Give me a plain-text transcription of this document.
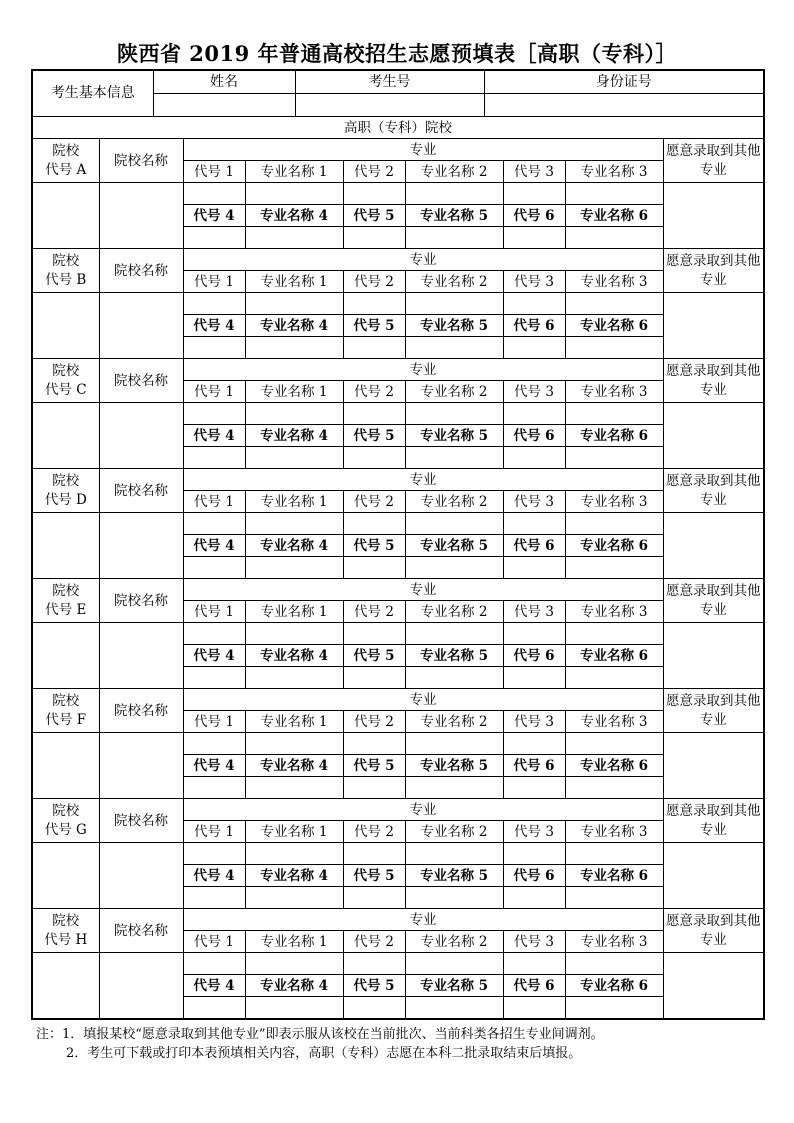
陕西省 2019 年普通高校招生志愿预填表［高职（专科）］
考生基本信息	姓名	考生号	身份证号

高职（专科）院校								
院校
代号 A	院校名称	专业						愿意录取到其他专业
		代号 1	专业名称 1	代号 2	专业名称 2	代号 3	专业名称 3	

		代号 4	专业名称 4	代号 5	专业名称 5	代号 6	专业名称 6	

院校
代号 B	院校名称	专业						愿意录取到其他专业
		代号 1	专业名称 1	代号 2	专业名称 2	代号 3	专业名称 3	

		代号 4	专业名称 4	代号 5	专业名称 5	代号 6	专业名称 6	

院校
代号 C	院校名称	专业						愿意录取到其他专业
		代号 1	专业名称 1	代号 2	专业名称 2	代号 3	专业名称 3	

		代号 4	专业名称 4	代号 5	专业名称 5	代号 6	专业名称 6	

院校
代号 D	院校名称	专业						愿意录取到其他专业
		代号 1	专业名称 1	代号 2	专业名称 2	代号 3	专业名称 3	

		代号 4	专业名称 4	代号 5	专业名称 5	代号 6	专业名称 6	

院校
代号 E	院校名称	专业						愿意录取到其他专业
		代号 1	专业名称 1	代号 2	专业名称 2	代号 3	专业名称 3	

		代号 4	专业名称 4	代号 5	专业名称 5	代号 6	专业名称 6	

院校
代号 F	院校名称	专业						愿意录取到其他专业
		代号 1	专业名称 1	代号 2	专业名称 2	代号 3	专业名称 3	

		代号 4	专业名称 4	代号 5	专业名称 5	代号 6	专业名称 6	

院校
代号 G	院校名称	专业						愿意录取到其他专业
		代号 1	专业名称 1	代号 2	专业名称 2	代号 3	专业名称 3	

		代号 4	专业名称 4	代号 5	专业名称 5	代号 6	专业名称 6	

院校
代号 H	院校名称	专业						愿意录取到其他专业
		代号 1	专业名称 1	代号 2	专业名称 2	代号 3	专业名称 3	

		代号 4	专业名称 4	代号 5	专业名称 5	代号 6	专业名称 6	

注：1．填报某校“愿意录取到其他专业”即表示服从该校在当前批次、当前科类各招生专业间调剂。
2．考生可下载或打印本表预填相关内容，高职（专科）志愿在本科二批录取结束后填报。
